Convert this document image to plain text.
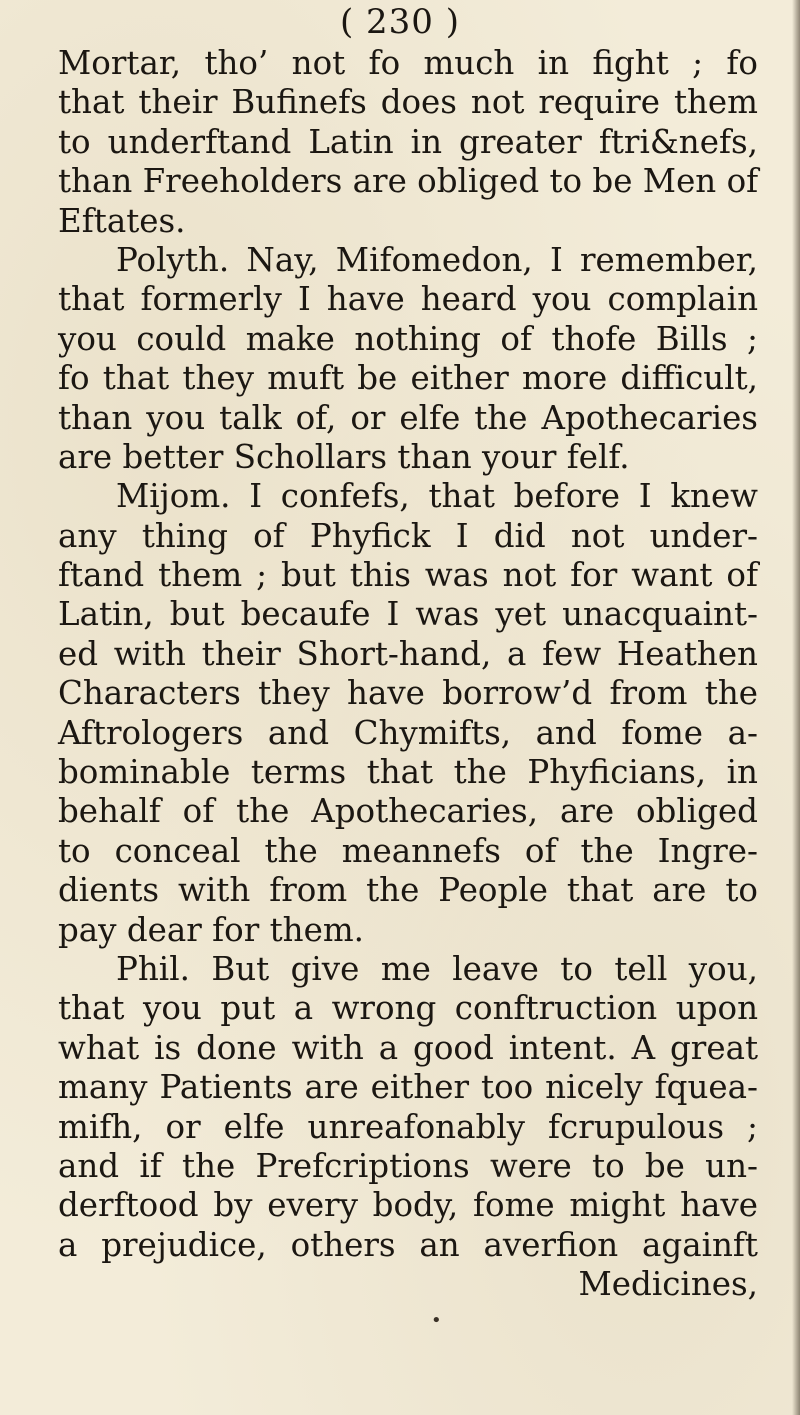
( 230 )
Mortar, tho’ not fo much in fight ; fo
that their Bufinefs does not require them
to underftand Latin in greater ftri&nefs,
than Freeholders are obliged to be Men of
Eftates.
Polyth. Nay, Mifomedon, I remember,
that formerly I have heard you complain
you could make nothing of thofe Bills ;
fo that they muft be either more difficult,
than you talk of, or elfe the Apothecaries
are better Schollars than your felf.
Mijom. I confefs, that before I knew
any thing of Phyfick I did not under-
ftand them ; but this was not for want of
Latin, but becaufe I was yet unacquaint-
ed with their Short-hand, a few Heathen
Characters they have borrow’d from the
Aftrologers and Chymifts, and fome a-
bominable terms that the Phyficians, in
behalf of the Apothecaries, are obliged
to conceal the meannefs of the Ingre-
dients with from the People that are to
pay dear for them.
Phil. But give me leave to tell you,
that you put a wrong conftruction upon
what is done with a good intent. A great
many Patients are either too nicely fquea-
mifh, or elfe unreafonably fcrupulous ;
and if the Prefcriptions were to be un-
derftood by every body, fome might have
a prejudice, others an averfion againft
Medicines,
•
